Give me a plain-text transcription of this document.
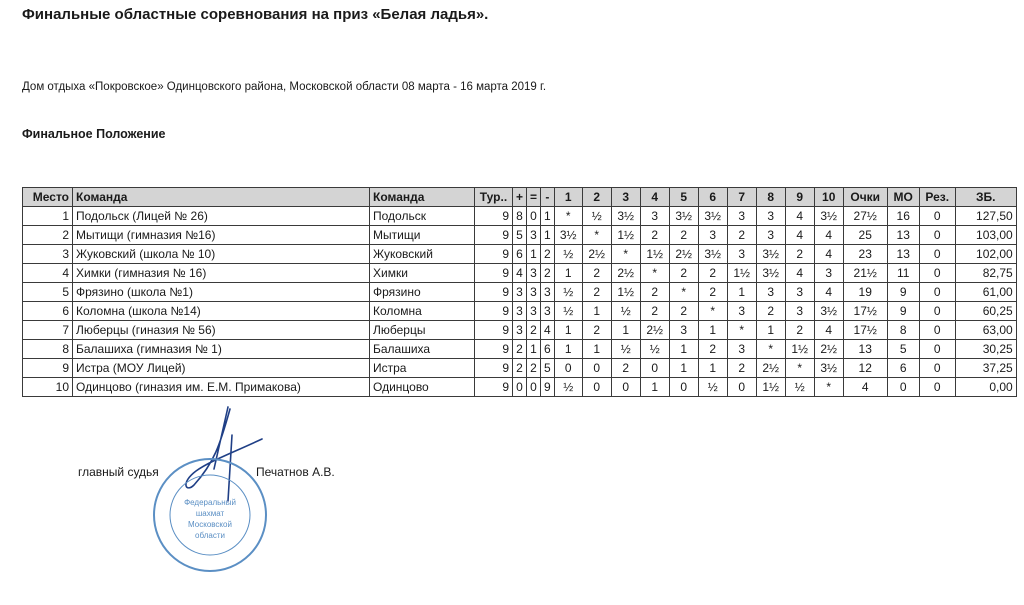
Финальные областные соревнования на приз «Белая ладья».
Дом отдыха «Покровское» Одинцовского района, Московской области 08 марта - 16 марта 2019 г.
Финальное Положение
Место	Команда	Команда	Тур..	+	=	-	1	2	3	4	5	6	7	8	9	10	Очки	МО	Рез.	ЗБ.
1	Подольск (Лицей № 26)	Подольск	9	8	0	1	*	½	3½	3	3½	3½	3	3	4	3½	27½	16	0	127,50
2	Мытищи (гимназия №16)	Мытищи	9	5	3	1	3½	*	1½	2	2	3	2	3	4	4	25	13	0	103,00
3	Жуковский (школа № 10)	Жуковский	9	6	1	2	½	2½	*	1½	2½	3½	3	3½	2	4	23	13	0	102,00
4	Химки (гимназия № 16)	Химки	9	4	3	2	1	2	2½	*	2	2	1½	3½	4	3	21½	11	0	82,75
5	Фрязино (школа №1)	Фрязино	9	3	3	3	½	2	1½	2	*	2	1	3	3	4	19	9	0	61,00
6	Коломна (школа №14)	Коломна	9	3	3	3	½	1	½	2	2	*	3	2	3	3½	17½	9	0	60,25
7	Люберцы (гиназия № 56)	Люберцы	9	3	2	4	1	2	1	2½	3	1	*	1	2	4	17½	8	0	63,00
8	Балашиха (гимназия № 1)	Балашиха	9	2	1	6	1	1	½	½	1	2	3	*	1½	2½	13	5	0	30,25
9	Истра (МОУ Лицей)	Истра	9	2	2	5	0	0	2	0	1	1	2	2½	*	3½	12	6	0	37,25
10	Одинцово (гиназия им. Е.М. Примакова)	Одинцово	9	0	0	9	½	0	0	1	0	½	0	1½	½	*	4	0	0	0,00
главный судья	Печатнов А.В.
Федеральный
шахмат
Московской
области
